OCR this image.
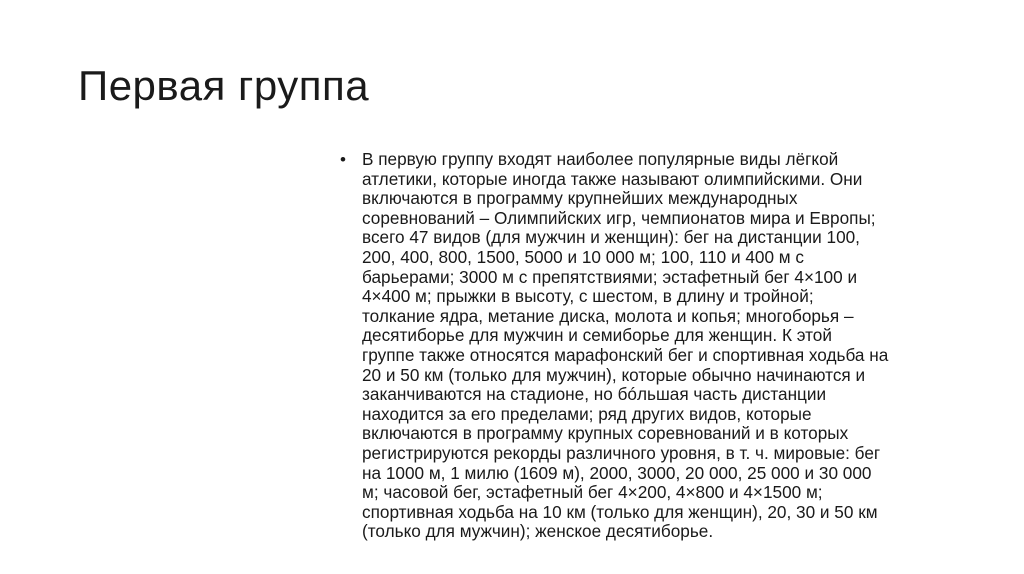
Первая группа
• В первую группу входят наиболее популярные виды лёгкой
атлетики, которые иногда также называют олимпийскими. Они
включаются в программу крупнейших международных
соревнований – Олимпийских игр, чемпионатов мира и Европы;
всего 47 видов (для мужчин и женщин): бег на дистанции 100,
200, 400, 800, 1500, 5000 и 10 000 м; 100, 110 и 400 м с
барьерами; 3000 м с препятствиями; эстафетный бег 4×100 и
4×400 м; прыжки в высоту, с шестом, в длину и тройной;
толкание ядра, метание диска, молота и копья; многоборья –
десятиборье для мужчин и семиборье для женщин. К этой
группе также относятся марафонский бег и спортивная ходьба на
20 и 50 км (только для мужчин), которые обычно начинаются и
заканчиваются на стадионе, но бóльшая часть дистанции
находится за его пределами; ряд других видов, которые
включаются в программу крупных соревнований и в которых
регистрируются рекорды различного уровня, в т. ч. мировые: бег
на 1000 м, 1 милю (1609 м), 2000, 3000, 20 000, 25 000 и 30 000
м; часовой бег, эстафетный бег 4×200, 4×800 и 4×1500 м;
спортивная ходьба на 10 км (только для женщин), 20, 30 и 50 км
(только для мужчин); женское десятиборье.
